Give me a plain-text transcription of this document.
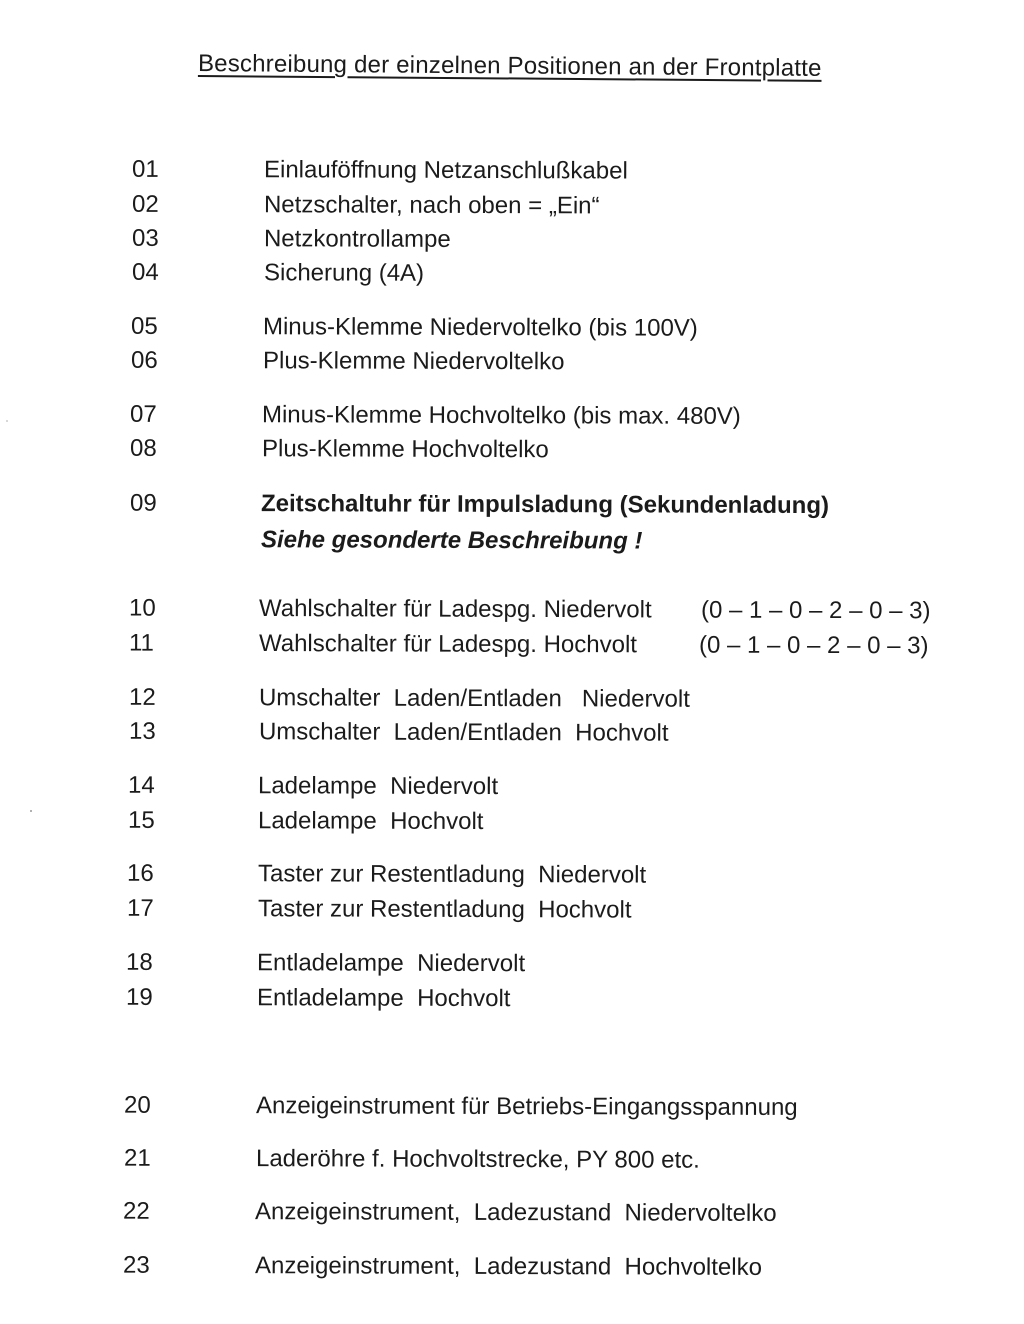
Beschreibung der einzelnen Positionen an der Frontplatte
01	Einlauföffnung Netzanschlußkabel
02	Netzschalter, nach oben = „Ein“
03	Netzkontrollampe
04	Sicherung (4A)
05	Minus-Klemme Niedervoltelko (bis 100V)
06	Plus-Klemme Niedervoltelko
07	Minus-Klemme Hochvoltelko (bis max. 480V)
08	Plus-Klemme Hochvoltelko
09	Zeitschaltuhr für Impulsladung (Sekundenladung)
Siehe gesonderte Beschreibung !
10	Wahlschalter für Ladespg. Niedervolt (0 – 1 – 0 – 2 – 0 – 3)
11	Wahlschalter für Ladespg. Hochvolt	(0 – 1 – 0 – 2 – 0 – 3)
12	Umschalter  Laden/Entladen   Niedervolt
13	Umschalter  Laden/Entladen  Hochvolt
14	Ladelampe  Niedervolt
15	Ladelampe  Hochvolt
16	Taster zur Restentladung  Niedervolt
17	Taster zur Restentladung  Hochvolt
18	Entladelampe  Niedervolt
19	Entladelampe  Hochvolt
20	Anzeigeinstrument für Betriebs-Eingangsspannung
21	Laderöhre f. Hochvoltstrecke, PY 800 etc.
22	Anzeigeinstrument,  Ladezustand  Niedervoltelko
23	Anzeigeinstrument,  Ladezustand  Hochvoltelko
